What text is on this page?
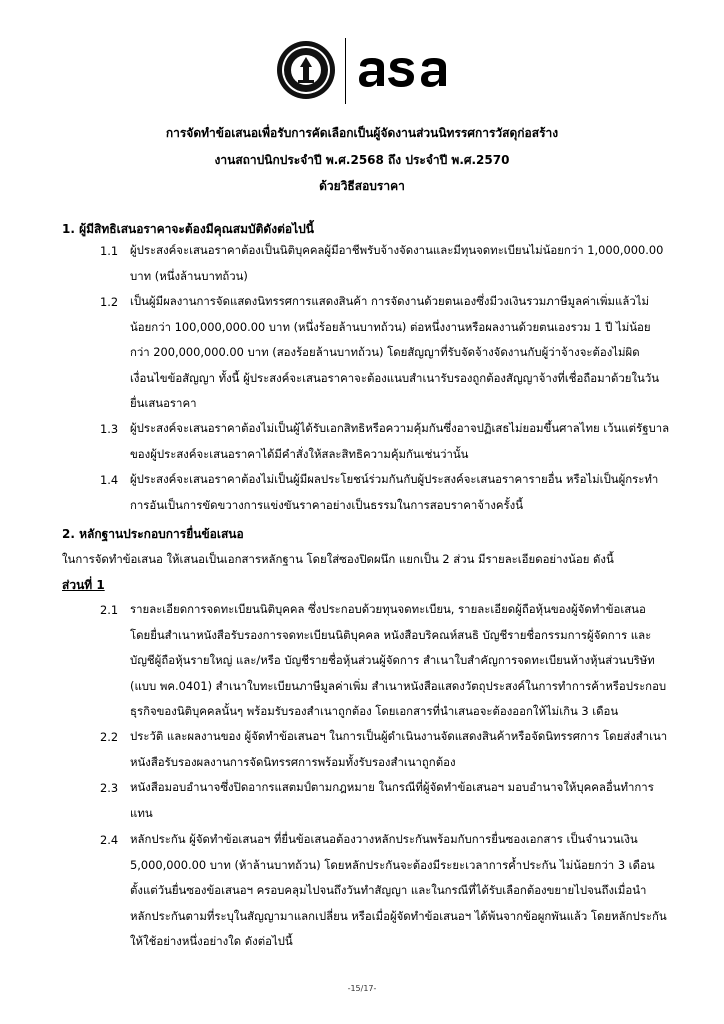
การจัดทำข้อเสนอเพื่อรับการคัดเลือกเป็นผู้จัดงานส่วนนิทรรศการวัสดุก่อสร้าง
งานสถาปนิกประจำปี พ.ศ.2568 ถึง ประจำปี พ.ศ.2570
ด้วยวิธีสอบราคา
1. ผู้มีสิทธิเสนอราคาจะต้องมีคุณสมบัติดังต่อไปนี้
1.1	ผู้ประสงค์จะเสนอราคาต้องเป็นนิติบุคคลผู้มีอาชีพรับจ้างจัดงานและมีทุนจดทะเบียนไม่น้อยกว่า 1,000,000.00
บาท (หนึ่งล้านบาทถ้วน)
1.2	เป็นผู้มีผลงานการจัดแสดงนิทรรศการแสดงสินค้า การจัดงานด้วยตนเองซึ่งมีวงเงินรวมภาษีมูลค่าเพิ่มแล้วไม่
น้อยกว่า 100,000,000.00 บาท (หนึ่งร้อยล้านบาทถ้วน) ต่อหนึ่งงานหรือผลงานด้วยตนเองรวม 1 ปี ไม่น้อย
กว่า 200,000,000.00 บาท (สองร้อยล้านบาทถ้วน) โดยสัญญาที่รับจัดจ้างจัดงานกับผู้ว่าจ้างจะต้องไม่ผิด
เงื่อนไขข้อสัญญา ทั้งนี้ ผู้ประสงค์จะเสนอราคาจะต้องแนบสำเนารับรองถูกต้องสัญญาจ้างที่เชื่อถือมาด้วยในวัน
ยื่นเสนอราคา
1.3	ผู้ประสงค์จะเสนอราคาต้องไม่เป็นผู้ได้รับเอกสิทธิหรือความคุ้มกันซึ่งอาจปฏิเสธไม่ยอมขึ้นศาลไทย เว้นแต่รัฐบาล
ของผู้ประสงค์จะเสนอราคาได้มีคำสั่งให้สละสิทธิความคุ้มกันเช่นว่านั้น
1.4	ผู้ประสงค์จะเสนอราคาต้องไม่เป็นผู้มีผลประโยชน์ร่วมกันกับผู้ประสงค์จะเสนอราคารายอื่น หรือไม่เป็นผู้กระทำ
การอันเป็นการขัดขวางการแข่งขันราคาอย่างเป็นธรรมในการสอบราคาจ้างครั้งนี้
2. หลักฐานประกอบการยื่นข้อเสนอ
ในการจัดทำข้อเสนอ ให้เสนอเป็นเอกสารหลักฐาน โดยใส่ซองปิดผนึก แยกเป็น 2 ส่วน มีรายละเอียดอย่างน้อย ดังนี้
ส่วนที่ 1
2.1	รายละเอียดการจดทะเบียนนิติบุคคล ซึ่งประกอบด้วยทุนจดทะเบียน, รายละเอียดผู้ถือหุ้นของผู้จัดทำข้อเสนอ
โดยยื่นสำเนาหนังสือรับรองการจดทะเบียนนิติบุคคล หนังสือบริคณห์สนธิ บัญชีรายชื่อกรรมการผู้จัดการ และ
บัญชีผู้ถือหุ้นรายใหญ่ และ/หรือ บัญชีรายชื่อหุ้นส่วนผู้จัดการ สำเนาใบสำคัญการจดทะเบียนห้างหุ้นส่วนบริษัท
(แบบ พค.0401) สำเนาใบทะเบียนภาษีมูลค่าเพิ่ม สำเนาหนังสือแสดงวัตถุประสงค์ในการทำการค้าหรือประกอบ
ธุรกิจของนิติบุคคลนั้นๆ พร้อมรับรองสำเนาถูกต้อง โดยเอกสารที่นำเสนอจะต้องออกให้ไม่เกิน 3 เดือน
2.2	ประวัติ และผลงานของ ผู้จัดทำข้อเสนอฯ ในการเป็นผู้ดำเนินงานจัดแสดงสินค้าหรือจัดนิทรรศการ โดยส่งสำเนา
หนังสือรับรองผลงานการจัดนิทรรศการพร้อมทั้งรับรองสำเนาถูกต้อง
2.3	หนังสือมอบอำนาจซึ่งปิดอากรแสตมป์ตามกฎหมาย ในกรณีที่ผู้จัดทำข้อเสนอฯ มอบอำนาจให้บุคคลอื่นทำการ
แทน
2.4	หลักประกัน ผู้จัดทำข้อเสนอฯ ที่ยื่นข้อเสนอต้องวางหลักประกันพร้อมกับการยื่นซองเอกสาร เป็นจำนวนเงิน
5,000,000.00 บาท (ห้าล้านบาทถ้วน) โดยหลักประกันจะต้องมีระยะเวลาการค้ำประกัน ไม่น้อยกว่า 3 เดือน
ตั้งแต่วันยื่นซองข้อเสนอฯ ครอบคลุมไปจนถึงวันทำสัญญา และในกรณีที่ได้รับเลือกต้องขยายไปจนถึงเมื่อนำ
หลักประกันตามที่ระบุในสัญญามาแลกเปลี่ยน หรือเมื่อผู้จัดทำข้อเสนอฯ ได้พ้นจากข้อผูกพันแล้ว โดยหลักประกัน
ให้ใช้อย่างหนึ่งอย่างใด ดังต่อไปนี้
-15/17-
